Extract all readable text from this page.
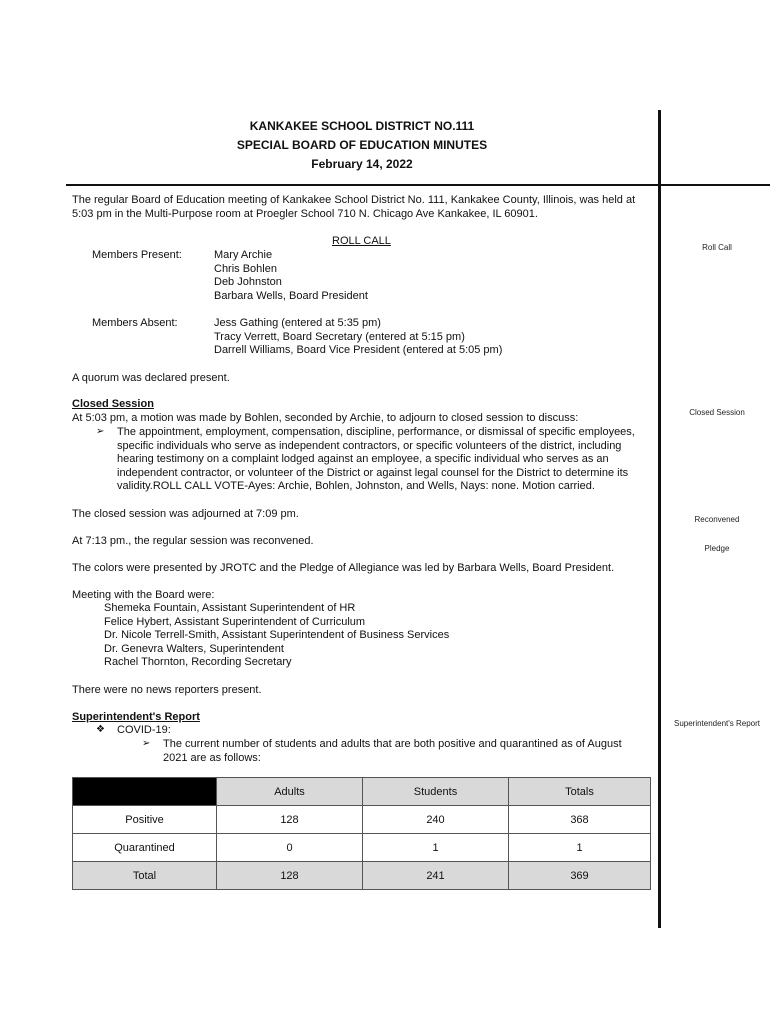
KANKAKEE SCHOOL DISTRICT NO.111
SPECIAL BOARD OF EDUCATION MINUTES
February 14, 2022
The regular Board of Education meeting of Kankakee School District No. 111, Kankakee County, Illinois, was held at
5:03 pm in the Multi-Purpose room at Proegler School 710 N. Chicago Ave Kankakee, IL 60901.
ROLL CALL
Members Present:	Mary Archie
Chris Bohlen
Deb Johnston
Barbara Wells, Board President
Members Absent:	Jess Gathing (entered at 5:35 pm)
Tracy Verrett, Board Secretary (entered at 5:15 pm)
Darrell Williams, Board Vice President (entered at 5:05 pm)
A quorum was declared present.
Closed Session
At 5:03 pm, a motion was made by Bohlen, seconded by Archie, to adjourn to closed session to discuss:
➢ The appointment, employment, compensation, discipline, performance, or dismissal of specific employees,
specific individuals who serve as independent contractors, or specific volunteers of the district, including
hearing testimony on a complaint lodged against an employee, a specific individual who serves as an
independent contractor, or volunteer of the District or against legal counsel for the District to determine its
validity.ROLL CALL VOTE-Ayes: Archie, Bohlen, Johnston, and Wells, Nays: none. Motion carried.
The closed session was adjourned at 7:09 pm.
At 7:13 pm., the regular session was reconvened.
The colors were presented by JROTC and the Pledge of Allegiance was led by Barbara Wells, Board President.
Meeting with the Board were:
Shemeka Fountain, Assistant Superintendent of HR
Felice Hybert, Assistant Superintendent of Curriculum
Dr. Nicole Terrell-Smith, Assistant Superintendent of Business Services
Dr. Genevra Walters, Superintendent
Rachel Thornton, Recording Secretary
There were no news reporters present.
Superintendent's Report
❖ COVID-19:
➢ The current number of students and adults that are both positive and quarantined as of August
2021 are as follows:
	Adults	Students	Totals
Positive	128	240	368
Quarantined	0	1	1
Total	128	241	369
Roll Call
Closed Session
Reconvened
Pledge
Superintendent's Report
